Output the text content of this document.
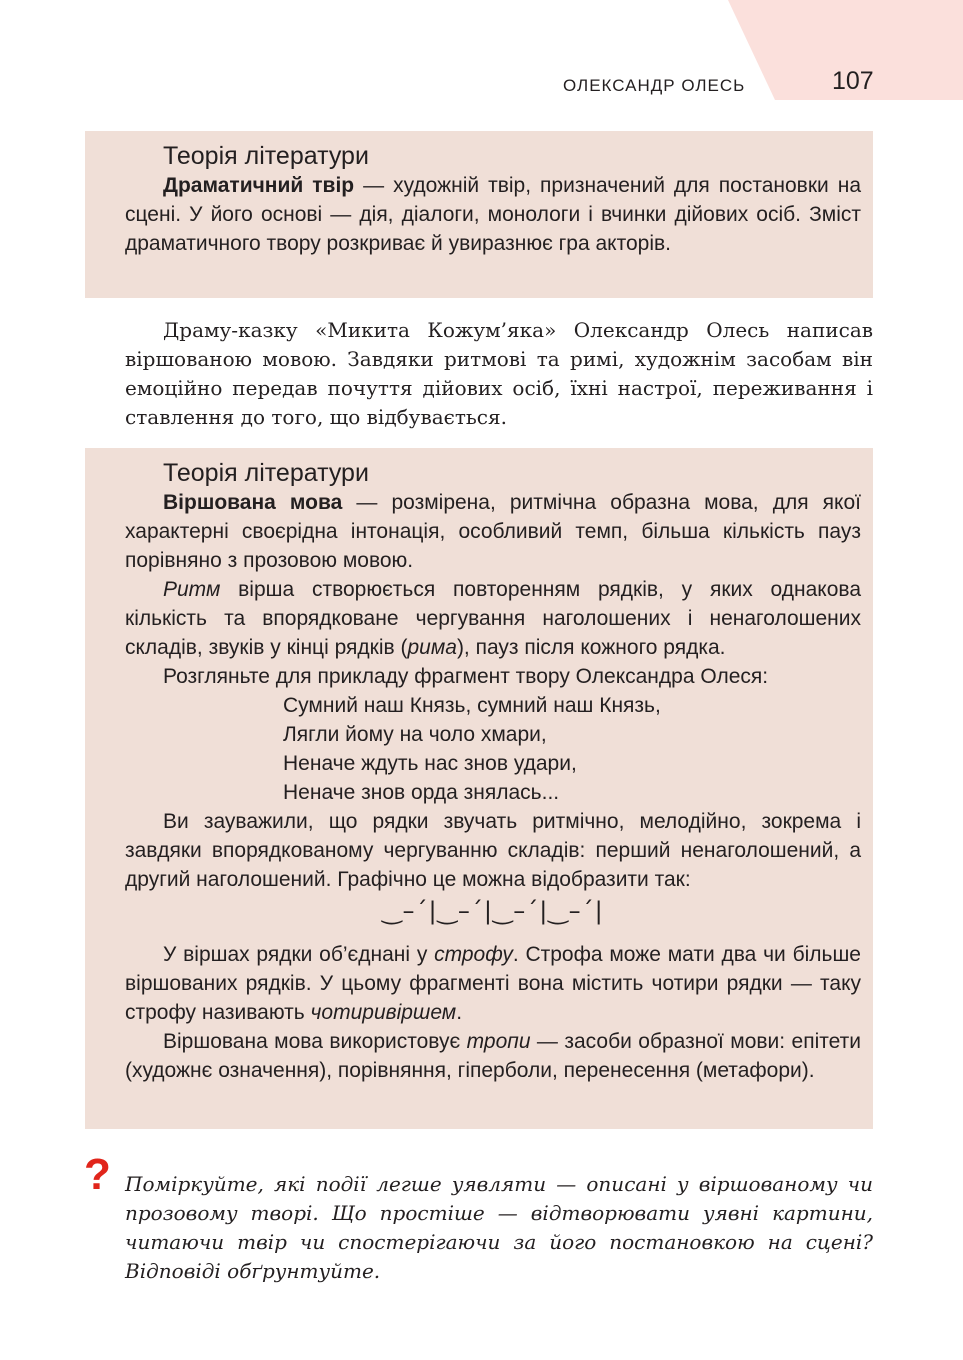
ОЛЕКСАНДР ОЛЕСЬ	107
Теорія літератури

Драматичний твір — художній твір, призначений для постановки на сцені. У його основі — дія, діалоги, монологи і вчинки дійових осіб. Зміст драматичного твору розкриває й увиразнює гра акторів.

Драму-казку «Микита Кожум’яка» Олександр Олесь написав віршованою мовою. Завдяки ритмові та римі, художнім засобам він емоційно передав почуття дійових осіб, їхні настрої, переживання і ставлення до того, що відбувається.

Теорія літератури

Віршована мова — розмірена, ритмічна образна мова, для якої характерні своєрідна інтонація, особливий темп, більша кількість пауз порівняно з прозовою мовою.

Ритм вірша створюється повторенням рядків, у яких однакова кількість та впорядковане чергування наголошених і ненаголошених складів, звуків у кінці рядків (рима), пауз після кожного рядка.

Розгляньте для прикладу фрагмент твору Олександра Олеся:

Сумний наш Князь, сумний наш Князь,
Лягли йому на чоло хмари,
Неначе ждуть нас знов удари,
Неначе знов орда знялась...

Ви зауважили, що рядки звучать ритмічно, мелодійно, зокрема і завдяки впорядкованому чергуванню складів: перший ненаголошений, а другий наголошений. Графічно це можна відобразити так:

‿–´|‿–´|‿–´|‿–´|

У віршах рядки об’єднані у строфу. Строфа може мати два чи більше віршованих рядків. У цьому фрагменті вона містить чотири рядки — таку строфу називають чотиривіршем.

Віршована мова використовує тропи — засоби образної мови: епітети (художнє означення), порівняння, гіперболи, перенесення (метафори).

? Поміркуйте, які події легше уявляти — описані у віршованому чи прозовому творі. Що простіше — відтворювати уявні картини, читаючи твір чи спостерігаючи за його постановкою на сцені? Відповіді обґрунтуйте.
